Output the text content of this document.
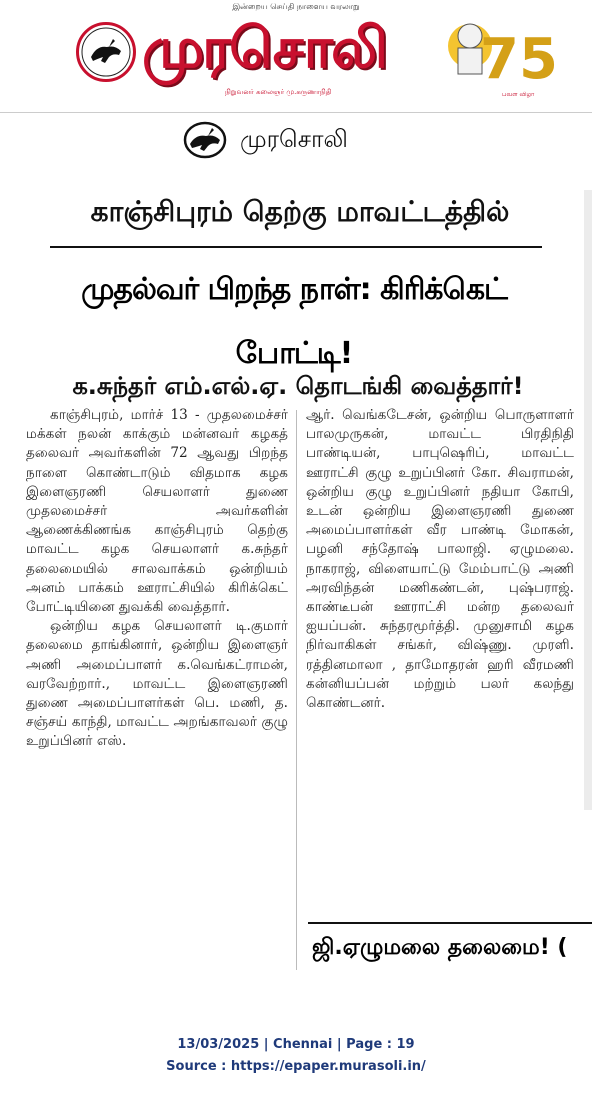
இன்றைய செய்தி நாளைய வரலாறு
முரசொலி
நிறுவனர் கலைஞர் மு.கருணாநிதி	75
பவள விழா
முரசொலி
காஞ்சிபுரம் தெற்கு மாவட்டத்தில்
முதல்வர் பிறந்த நாள்: கிரிக்கெட் போட்டி!
க.சுந்தர் எம்.எல்.ஏ. தொடங்கி வைத்தார்!

காஞ்சிபுரம், மார்ச் 13 - முதலமைச்சர் மக்கள் நலன் காக்கும் மன்னவர் கழகத் தலைவர் அவர்களின் 72 ஆவது பிறந்த நாளை கொண்டாடும் விதமாக கழக இளைஞரணி செயலாளர் துணை முதலமைச்சர் அவர்களின் ஆணைக்கிணங்க காஞ்சிபுரம் தெற்கு மாவட்ட கழக செயலாளர் க.சுந்தர் தலைமையில் சாலவாக்கம் ஒன்றியம் அனம் பாக்கம் ஊராட்சியில் கிரிக்கெட் போட்டியினை துவக்கி வைத்தார்.

ஒன்றிய கழக செயலாளர் டி.குமார் தலைமை தாங்கினார், ஒன்றிய இளைஞர் அணி அமைப்பாளர் க.வெங்கட்ராமன், வரவேற்றார்., மாவட்ட இளைஞரணி துணை அமைப்பாளர்கள் பெ. மணி, த. சஞ்சய் காந்தி, மாவட்ட அறங்காவலர் குழு உறுப்பினர் எஸ்.

ஆர். வெங்கடேசன், ஒன்றிய பொருளாளர் பாலமுருகன், மாவட்ட பிரதிநிதி பாண்டியன், பாபுஷெரிப், மாவட்ட ஊராட்சி குழு உறுப்பினர் கோ. சிவராமன், ஒன்றிய குழு உறுப்பினர் நதியா கோபி, உடன் ஒன்றிய இளைஞரணி துணை அமைப்பாளர்கள் வீர பாண்டி மோகன், பழனி சந்தோஷ் பாலாஜி. ஏழுமலை. நாகராஜ், விளையாட்டு மேம்பாட்டு அணி அரவிந்தன் மணிகண்டன், புஷ்பராஜ். காண்டீபன் ஊராட்சி மன்ற தலைவர் ஐயப்பன். சுந்தரமூர்த்தி. முனுசாமி கழக நிர்வாகிகள் சங்கர், விஷ்ணு. முரளி. ரத்தினமாலா , தாமோதரன் ஹரி வீரமணி கன்னியப்பன் மற்றும் பலர் கலந்து கொண்டனர்.

ஜி.ஏழுமலை தலைமை! (
13/03/2025 | Chennai | Page : 19
Source : https://epaper.murasoli.in/
